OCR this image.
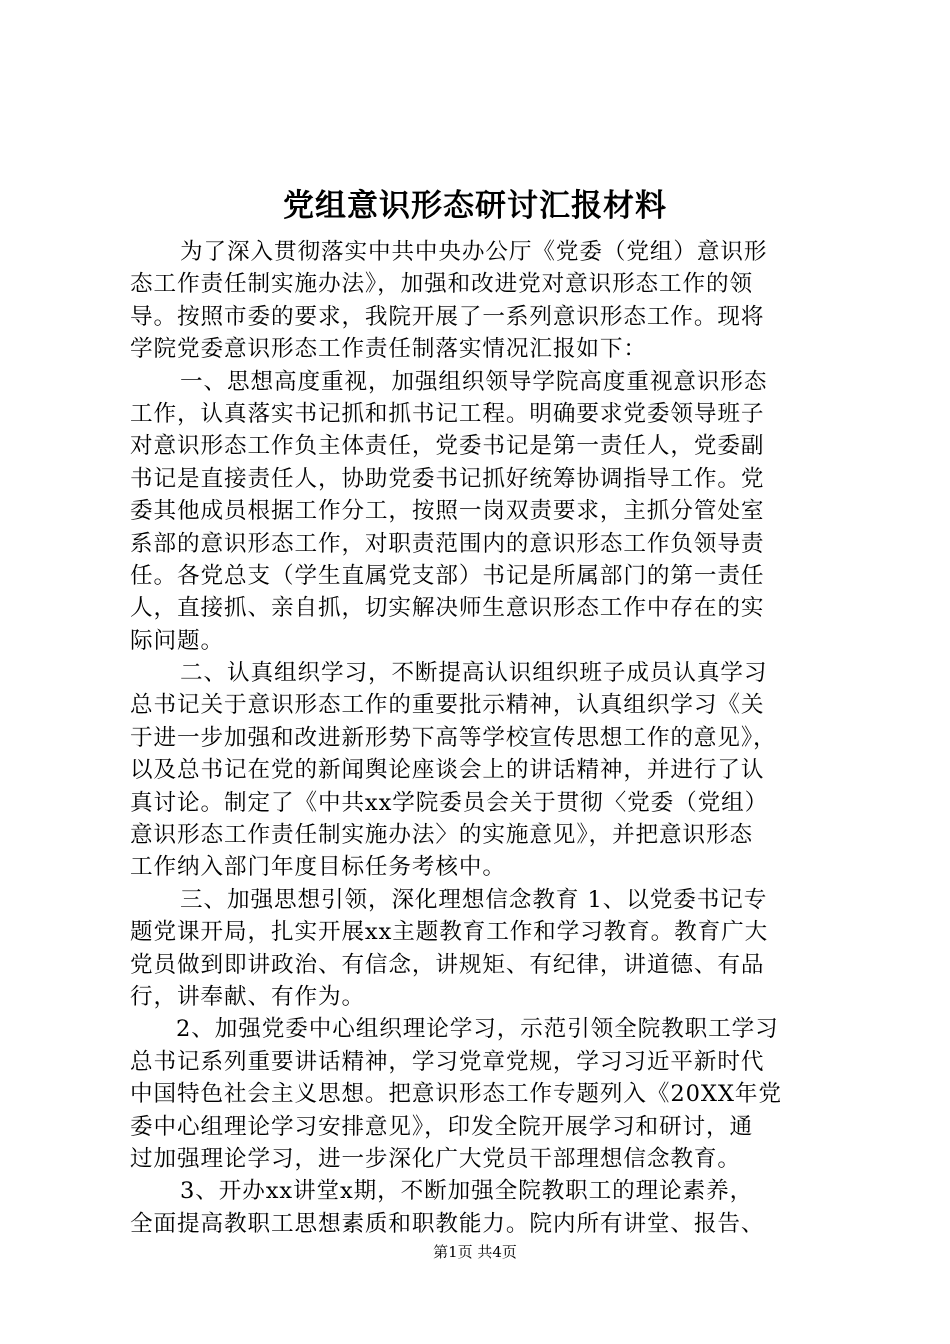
党组意识形态研讨汇报材料
为了深入贯彻落实中共中央办公厅《党委（党组）意识形
态工作责任制实施办法》，加强和改进党对意识形态工作的领
导。按照市委的要求，我院开展了一系列意识形态工作。现将
学院党委意识形态工作责任制落实情况汇报如下：
一、思想高度重视，加强组织领导学院高度重视意识形态
工作，认真落实书记抓和抓书记工程。明确要求党委领导班子
对意识形态工作负主体责任，党委书记是第一责任人，党委副
书记是直接责任人，协助党委书记抓好统筹协调指导工作。党
委其他成员根据工作分工，按照一岗双责要求，主抓分管处室
系部的意识形态工作，对职责范围内的意识形态工作负领导责
任。各党总支（学生直属党支部）书记是所属部门的第一责任
人，直接抓、亲自抓，切实解决师生意识形态工作中存在的实
际问题。
二、认真组织学习，不断提高认识组织班子成员认真学习
总书记关于意识形态工作的重要批示精神，认真组织学习《关
于进一步加强和改进新形势下高等学校宣传思想工作的意见》，
以及总书记在党的新闻舆论座谈会上的讲话精神，并进行了认
真讨论。制定了《中共xx学院委员会关于贯彻〈党委（党组）
意识形态工作责任制实施办法〉的实施意见》，并把意识形态
工作纳入部门年度目标任务考核中。
三、加强思想引领，深化理想信念教育 1、以党委书记专
题党课开局，扎实开展xx主题教育工作和学习教育。教育广大
党员做到即讲政治、有信念，讲规矩、有纪律，讲道德、有品
行，讲奉献、有作为。
2、加强党委中心组织理论学习，示范引领全院教职工学习
总书记系列重要讲话精神，学习党章党规，学习习近平新时代
中国特色社会主义思想。把意识形态工作专题列入《20XX年党
委中心组理论学习安排意见》，印发全院开展学习和研讨，通
过加强理论学习，进一步深化广大党员干部理想信念教育。
3、开办xx讲堂x期，不断加强全院教职工的理论素养，
全面提高教职工思想素质和职教能力。院内所有讲堂、报告、
第1页 共4页
